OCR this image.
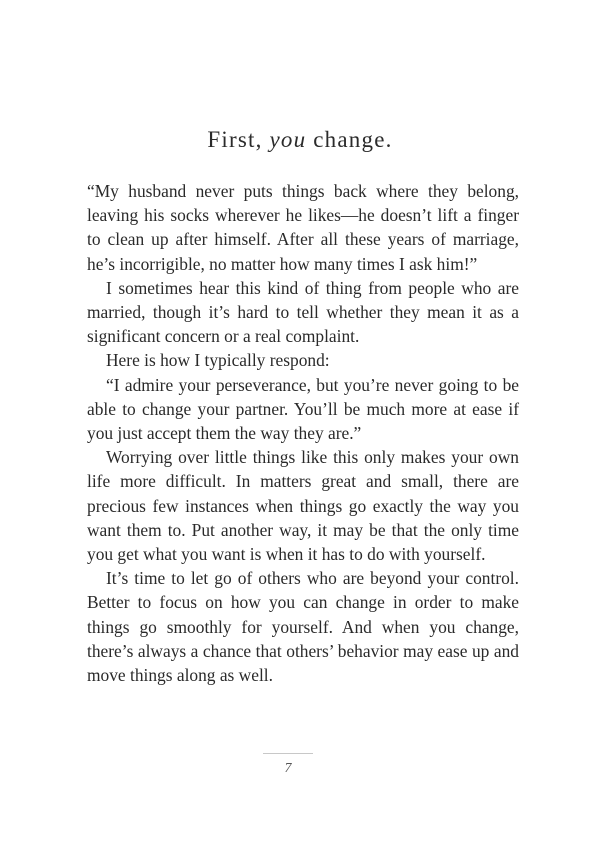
First, you change.

“My husband never puts things back where they belong, leaving his socks wherever he likes—he doesn’t lift a finger to clean up after himself. After all these years of marriage, he’s incorrigible, no matter how many times I ask him!”

I sometimes hear this kind of thing from people who are married, though it’s hard to tell whether they mean it as a significant concern or a real complaint.

Here is how I typically respond:

“I admire your perseverance, but you’re never going to be able to change your partner. You’ll be much more at ease if you just accept them the way they are.”

Worrying over little things like this only makes your own life more difficult. In matters great and small, there are precious few instances when things go exactly the way you want them to. Put another way, it may be that the only time you get what you want is when it has to do with yourself.

It’s time to let go of others who are beyond your control. Better to focus on how you can change in order to make things go smoothly for yourself. And when you change, there’s always a chance that others’ behavior may ease up and move things along as well.

7
